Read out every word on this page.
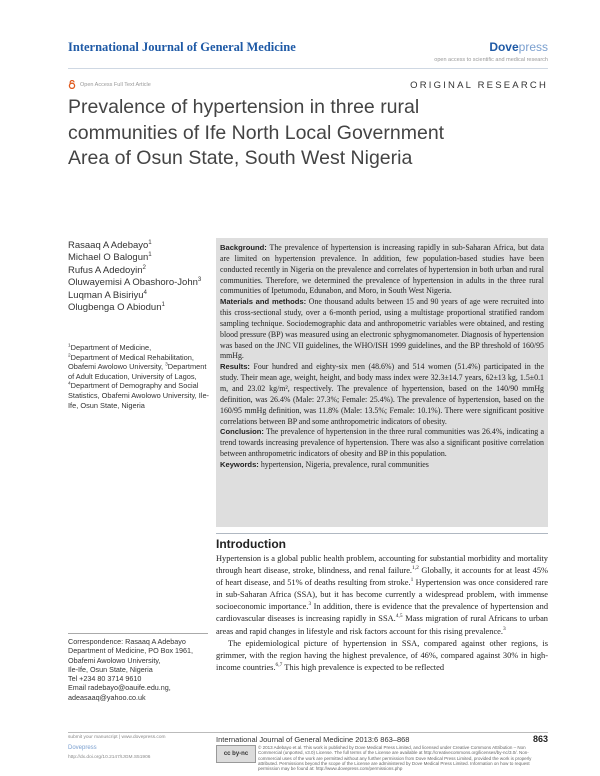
International Journal of General Medicine	Dovepress
open access to scientific and medical research
Open Access Full Text Article	ORIGINAL RESEARCH
Prevalence of hypertension in three rural
communities of Ife North Local Government
Area of Osun State, South West Nigeria
Rasaaq A Adebayo$^1$
Michael O Balogun$^1$
Rufus A Adedoyin$^2$
Oluwayemisi A Obashoro-John$^3$
Luqman A Bisiriyu$^4$
Olugbenga O Abiodun$^1$
$^1$Department of Medicine,
$^2$Department of Medical Rehabilitation, Obafemi Awolowo University, $^3$Department of Adult Education, University of Lagos,
$^4$Department of Demography and Social Statistics, Obafemi Awolowo University, Ile-Ife, Osun State, Nigeria

Background: The prevalence of hypertension is increasing rapidly in sub-Saharan Africa, but data are limited on hypertension prevalence. In addition, few population-based studies have been conducted recently in Nigeria on the prevalence and correlates of hypertension in both urban and rural communities. Therefore, we determined the prevalence of hypertension in adults in the three rural communities of Ipetumodu, Edunabon, and Moro, in South West Nigeria.

Materials and methods: One thousand adults between 15 and 90 years of age were recruited into this cross-sectional study, over a 6-month period, using a multistage proportional stratified random sampling technique. Sociodemographic data and anthropometric variables were obtained, and resting blood pressure (BP) was measured using an electronic sphygmomanometer. Diagnosis of hypertension was based on the JNC VII guidelines, the WHO/ISH 1999 guidelines, and the BP threshold of 160/95 mmHg.

Results: Four hundred and eighty-six men (48.6%) and 514 women (51.4%) participated in the study. Their mean age, weight, height, and body mass index were 32.3±14.7 years, 62±13 kg, 1.5±0.1 m, and 23.02 kg/m², respectively. The prevalence of hypertension, based on the 140/90 mmHg definition, was 26.4% (Male: 27.3%; Female: 25.4%). The prevalence of hypertension, based on the 160/95 mmHg definition, was 11.8% (Male: 13.5%; Female: 10.1%). There were significant positive correlations between BP and some anthropometric indicators of obesity.

Conclusion: The prevalence of hypertension in the three rural communities was 26.4%, indicating a trend towards increasing prevalence of hypertension. There was also a significant positive correlation between anthropometric indicators of obesity and BP in this population.

Keywords: hypertension, Nigeria, prevalence, rural communities

Introduction

Hypertension is a global public health problem, accounting for substantial morbidity and mortality through heart disease, stroke, blindness, and renal failure.$^{1,2}$ Globally, it accounts for at least 45% of heart disease, and 51% of deaths resulting from stroke.$^1$ Hypertension was once considered rare in sub-Saharan Africa (SSA), but it has become currently a widespread problem, with immense socioeconomic importance.$^3$ In addition, there is evidence that the prevalence of hypertension and cardiovascular diseases is increasing rapidly in SSA.$^{4,5}$ Mass migration of rural Africans to urban areas and rapid changes in lifestyle and risk factors account for this rising prevalence.$^3$

The epidemiological picture of hypertension in SSA, compared against other regions, is grimmer, with the region having the highest prevalence, of 46%, compared against 30% in high-income countries.$^{6,7}$ This high prevalence is expected to be reflected

Correspondence: Rasaaq A Adebayo
Department of Medicine, PO Box 1961,
Obafemi Awolowo University,
Ile-Ife, Osun State, Nigeria
Tel +234 80 3714 9610
Email radebayo@oauife.edu.ng,
adeasaaq@yahoo.co.uk
submit your manuscript | www.dovepress.com	International Journal of General Medicine 2013:6 863–868	863
Dovepress
http://dx.doi.org/10.2147/IJGM.S51906
cc by-nc
© 2013 Adebayo et al. This work is published by Dove Medical Press Limited, and licensed under Creative Commons Attribution – Non Commercial (unported, v3.0) License. The full terms of the License are available at http://creativecommons.org/licenses/by-nc/3.0/. Non-commercial uses of the work are permitted without any further permission from Dove Medical Press Limited, provided the work is properly attributed. Permissions beyond the scope of the License are administered by Dove Medical Press Limited. Information on how to request permission may be found at: http://www.dovepress.com/permissions.php
